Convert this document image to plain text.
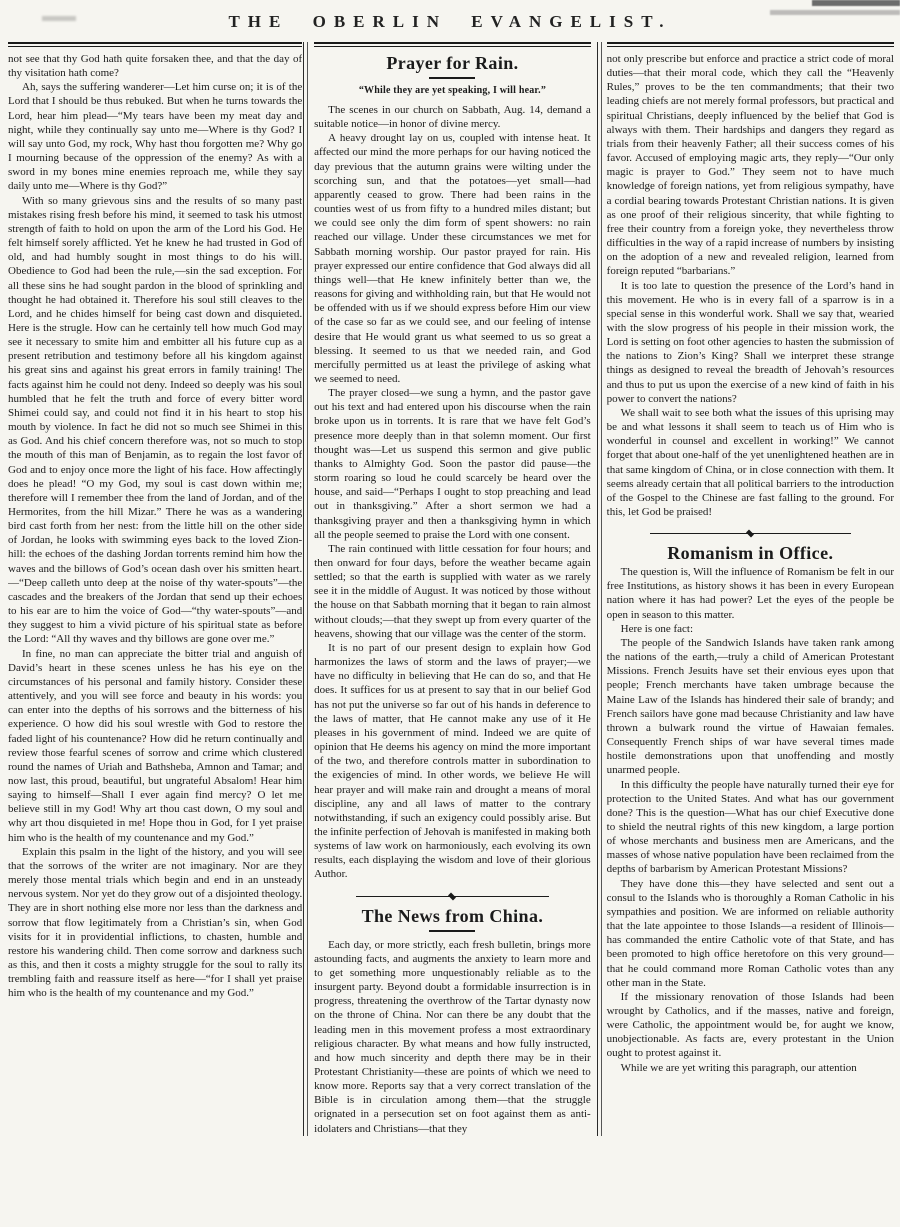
THE OBERLIN EVANGELIST.

not see that thy God hath quite forsaken thee, and that the day of thy visitation hath come?

Ah, says the suffering wanderer—Let him curse on; it is of the Lord that I should be thus rebuked. But when he turns towards the Lord, hear him plead—“My tears have been my meat day and night, while they continually say unto me—Where is thy God? I will say unto God, my rock, Why hast thou forgotten me? Why go I mourning because of the oppression of the enemy? As with a sword in my bones mine enemies reproach me, while they say daily unto me—Where is thy God?”

With so many grievous sins and the results of so many past mistakes rising fresh before his mind, it seemed to task his utmost strength of faith to hold on upon the arm of the Lord his God. He felt himself sorely afflicted. Yet he knew he had trusted in God of old, and had humbly sought in most things to do his will. Obedience to God had been the rule,—sin the sad exception. For all these sins he had sought pardon in the blood of sprinkling and thought he had obtained it. Therefore his soul still cleaves to the Lord, and he chides himself for being cast down and disquieted. Here is the strugle. How can he certainly tell how much God may see it necessary to smite him and embitter all his future cup as a present retribution and testimony before all his kingdom against his great sins and against his great errors in family training! The facts against him he could not deny. Indeed so deeply was his soul humbled that he felt the truth and force of every bitter word Shimei could say, and could not find it in his heart to stop his mouth by violence. In fact he did not so much see Shimei in this as God. And his chief concern therefore was, not so much to stop the mouth of this man of Benjamin, as to regain the lost favor of God and to enjoy once more the light of his face. How affectingly does he plead! “O my God, my soul is cast down within me; therefore will I remember thee from the land of Jordan, and of the Hermorites, from the hill Mizar.” There he was as a wandering bird cast forth from her nest: from the little hill on the other side of Jordan, he looks with swimming eyes back to the loved Zion-hill: the echoes of the dashing Jordan torrents remind him how the waves and the billows of God’s ocean dash over his smitten heart.—“Deep calleth unto deep at the noise of thy water-spouts”—the cascades and the breakers of the Jordan that send up their echoes to his ear are to him the voice of God—“thy water-spouts”—and they suggest to him a vivid picture of his spiritual state as before the Lord: “All thy waves and thy billows are gone over me.”

In fine, no man can appreciate the bitter trial and anguish of David’s heart in these scenes unless he has his eye on the circumstances of his personal and family history. Consider these attentively, and you will see force and beauty in his words: you can enter into the depths of his sorrows and the bitterness of his experience. O how did his soul wrestle with God to restore the faded light of his countenance? How did he return continually and review those fearful scenes of sorrow and crime which clustered round the names of Uriah and Bathsheba, Amnon and Tamar; and now last, this proud, beautiful, but ungrateful Absalom! Hear him saying to himself—Shall I ever again find mercy? O let me believe still in my God! Why art thou cast down, O my soul and why art thou disquieted in me! Hope thou in God, for I yet praise him who is the health of my countenance and my God.”

Explain this psalm in the light of the history, and you will see that the sorrows of the writer are not imaginary. Nor are they merely those mental trials which begin and end in an unsteady nervous system. Nor yet do they grow out of a disjointed theology. They are in short nothing else more nor less than the darkness and sorrow that flow legitimately from a Christian’s sin, when God visits for it in providential inflictions, to chasten, humble and restore his wandering child. Then come sorrow and darkness such as this, and then it costs a mighty struggle for the soul to rally its trembling faith and reassure itself as here—“for I shall yet praise him who is the health of my countenance and my God.”

Prayer for Rain.
“While they are yet speaking, I will hear.”

The scenes in our church on Sabbath, Aug. 14, demand a suitable notice—in honor of divine mercy.

A heavy drought lay on us, coupled with intense heat. It affected our mind the more perhaps for our having noticed the day previous that the autumn grains were wilting under the scorching sun, and that the potatoes—yet small—had apparently ceased to grow. There had been rains in the counties west of us from fifty to a hundred miles distant; but we could see only the dim form of spent showers: no rain reached our village. Under these circumstances we met for Sabbath morning worship. Our pastor prayed for rain. His prayer expressed our entire confidence that God always did all things well—that He knew infinitely better than we, the reasons for giving and withholding rain, but that He would not be offended with us if we should express before Him our view of the case so far as we could see, and our feeling of intense desire that He would grant us what seemed to us so great a blessing. It seemed to us that we needed rain, and God mercifully permitted us at least the privilege of asking what we seemed to need.

The prayer closed—we sung a hymn, and the pastor gave out his text and had entered upon his discourse when the rain broke upon us in torrents. It is rare that we have felt God’s presence more deeply than in that solemn moment. Our first thought was—Let us suspend this sermon and give public thanks to Almighty God. Soon the pastor did pause—the storm roaring so loud he could scarcely be heard over the house, and said—“Perhaps I ought to stop preaching and lead out in thanksgiving.” After a short sermon we had a thanksgiving prayer and then a thanksgiving hymn in which all the people seemed to praise the Lord with one consent.

The rain continued with little cessation for four hours; and then onward for four days, before the weather became again settled; so that the earth is supplied with water as we rarely see it in the middle of August. It was noticed by those without the house on that Sabbath morning that it began to rain almost without clouds;—that they swept up from every quarter of the heavens, showing that our village was the center of the storm.

It is no part of our present design to explain how God harmonizes the laws of storm and the laws of prayer;—we have no difficulty in believing that He can do so, and that He does. It suffices for us at present to say that in our belief God has not put the universe so far out of his hands in deference to the laws of matter, that He cannot make any use of it He pleases in his government of mind. Indeed we are quite of opinion that He deems his agency on mind the more important of the two, and therefore controls matter in subordination to the exigencies of mind. In other words, we believe He will hear prayer and will make rain and drought a means of moral discipline, any and all laws of matter to the contrary notwithstanding, if such an exigency could possibly arise. But the infinite perfection of Jehovah is manifested in making both systems of law work on harmoniously, each evolving its own results, each displaying the wisdom and love of their glorious Author.

The News from China.

Each day, or more strictly, each fresh bulletin, brings more astounding facts, and augments the anxiety to learn more and to get something more unquestionably reliable as to the insurgent party. Beyond doubt a formidable insurrection is in progress, threatening the overthrow of the Tartar dynasty now on the throne of China. Nor can there be any doubt that the leading men in this movement profess a most extraordinary religious character. By what means and how fully instructed, and how much sincerity and depth there may be in their Protestant Christianity—these are points of which we need to know more. Reports say that a very correct translation of the Bible is in circulation among them—that the struggle orignated in a persecution set on foot against them as anti-idolaters and Christians—that they

not only prescribe but enforce and practice a strict code of moral duties—that their moral code, which they call the “Heavenly Rules,” proves to be the ten commandments; that their two leading chiefs are not merely formal professors, but practical and spiritual Christians, deeply influenced by the belief that God is always with them. Their hardships and dangers they regard as trials from their heavenly Father; all their success comes of his favor. Accused of employing magic arts, they reply—“Our only magic is prayer to God.” They seem not to have much knowledge of foreign nations, yet from religious sympathy, have a cordial bearing towards Protestant Christian nations. It is given as one proof of their religious sincerity, that while fighting to free their country from a foreign yoke, they nevertheless throw difficulties in the way of a rapid increase of numbers by insisting on the adoption of a new and revealed religion, learned from foreign reputed “barbarians.”

It is too late to question the presence of the Lord’s hand in this movement. He who is in every fall of a sparrow is in a special sense in this wonderful work. Shall we say that, wearied with the slow progress of his people in their mission work, the Lord is setting on foot other agencies to hasten the submission of the nations to Zion’s King? Shall we interpret these strange things as designed to reveal the breadth of Jehovah’s resources and thus to put us upon the exercise of a new kind of faith in his power to convert the nations?

We shall wait to see both what the issues of this uprising may be and what lessons it shall seem to teach us of Him who is wonderful in counsel and excellent in working!” We cannot forget that about one-half of the yet unenlightened heathen are in that same kingdom of China, or in close connection with them. It seems already certain that all political barriers to the introduction of the Gospel to the Chinese are fast falling to the ground. For this, let God be praised!

Romanism in Office.

The question is, Will the influence of Romanism be felt in our free Institutions, as history shows it has been in every European nation where it has had power? Let the eyes of the people be open in season to this matter.

Here is one fact:

The people of the Sandwich Islands have taken rank among the nations of the earth,—truly a child of American Protestant Missions. French Jesuits have set their envious eyes upon that people; French merchants have taken umbrage because the Maine Law of the Islands has hindered their sale of brandy; and French sailors have gone mad because Christianity and law have thrown a bulwark round the virtue of Hawaian females. Consequently French ships of war have several times made hostile demonstrations upon that unoffending and mostly unarmed people.

In this difficulty the people have naturally turned their eye for protection to the United States. And what has our government done? This is the question—What has our chief Executive done to shield the neutral rights of this new kingdom, a large portion of whose merchants and business men are Americans, and the masses of whose native population have been reclaimed from the depths of barbarism by American Protestant Missions?

They have done this—they have selected and sent out a consul to the Islands who is thoroughly a Roman Catholic in his sympathies and position. We are informed on reliable authority that the late appointee to those Islands—a resident of Illinois—has commanded the entire Catholic vote of that State, and has been promoted to high office heretofore on this very ground—that he could command more Roman Catholic votes than any other man in the State.

If the missionary renovation of those Islands had been wrought by Catholics, and if the masses, native and foreign, were Catholic, the appointment would be, for aught we know, unobjectionable. As facts are, every protestant in the Union ought to protest against it.

While we are yet writing this paragraph, our attention
